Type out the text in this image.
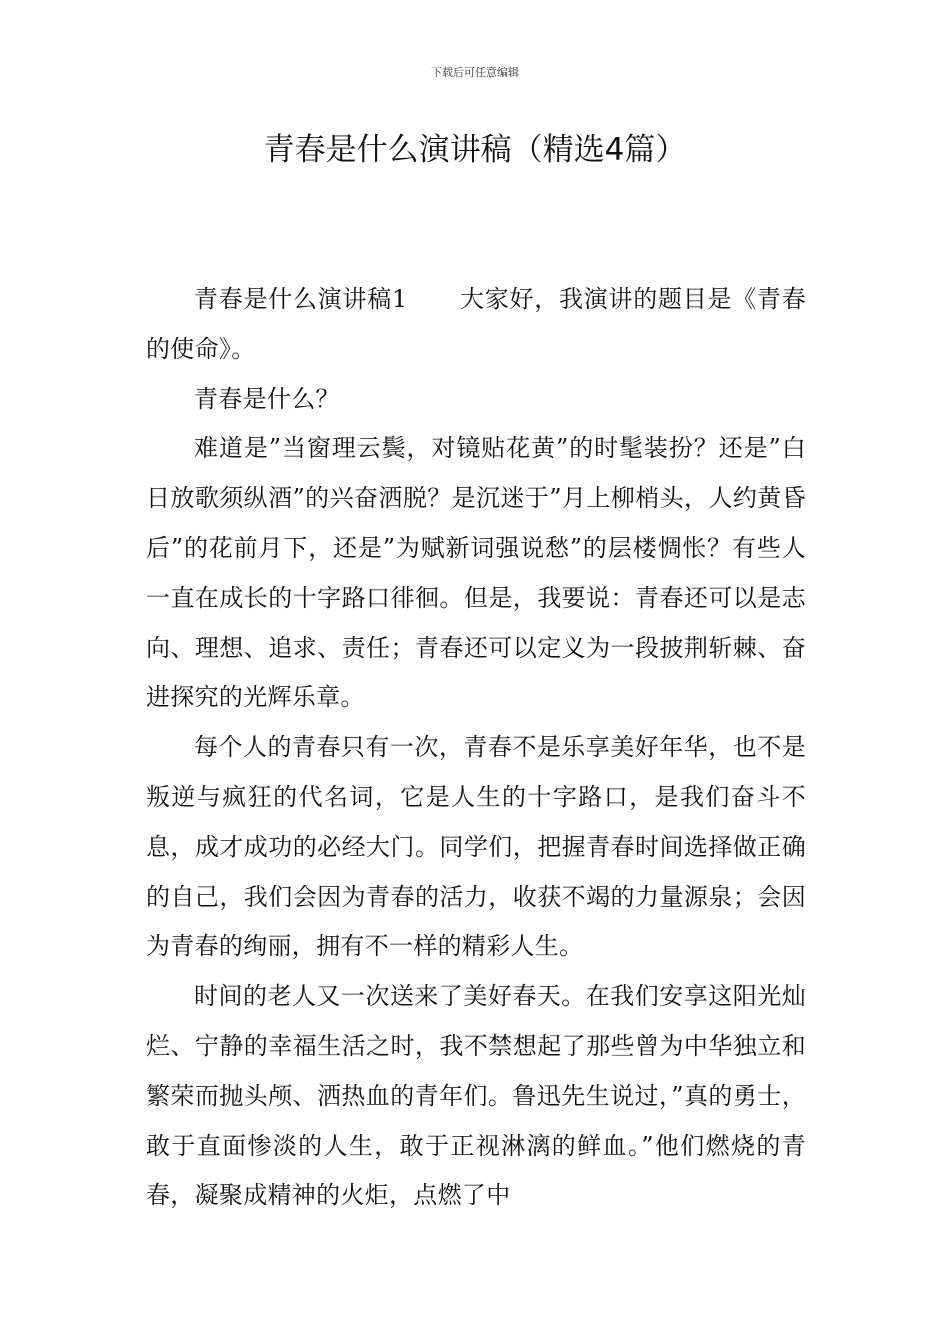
下载后可任意编辑
青春是什么演讲稿（精选4篇）

青春是什么演讲稿1 大家好，我演讲的题目是《青春的使命》。

青春是什么？

难道是”当窗理云鬓，对镜贴花黄”的时髦装扮？还是”白日放歌须纵酒”的兴奋洒脱？是沉迷于”月上柳梢头，人约黄昏后”的花前月下，还是”为赋新词强说愁”的层楼惆怅？有些人一直在成长的十字路口徘徊。但是，我要说：青春还可以是志向、理想、追求、责任；青春还可以定义为一段披荆斩棘、奋进探究的光辉乐章。

每个人的青春只有一次，青春不是乐享美好年华，也不是叛逆与疯狂的代名词，它是人生的十字路口，是我们奋斗不息，成才成功的必经大门。同学们，把握青春时间选择做正确的自己，我们会因为青春的活力，收获不竭的力量源泉；会因为青春的绚丽，拥有不一样的精彩人生。

时间的老人又一次送来了美好春天。在我们安享这阳光灿烂、宁静的幸福生活之时，我不禁想起了那些曾为中华独立和繁荣而抛头颅、洒热血的青年们。鲁迅先生说过，”真的勇士，敢于直面惨淡的人生，敢于正视淋漓的鲜血。”他们燃烧的青春，凝聚成精神的火炬，点燃了中
